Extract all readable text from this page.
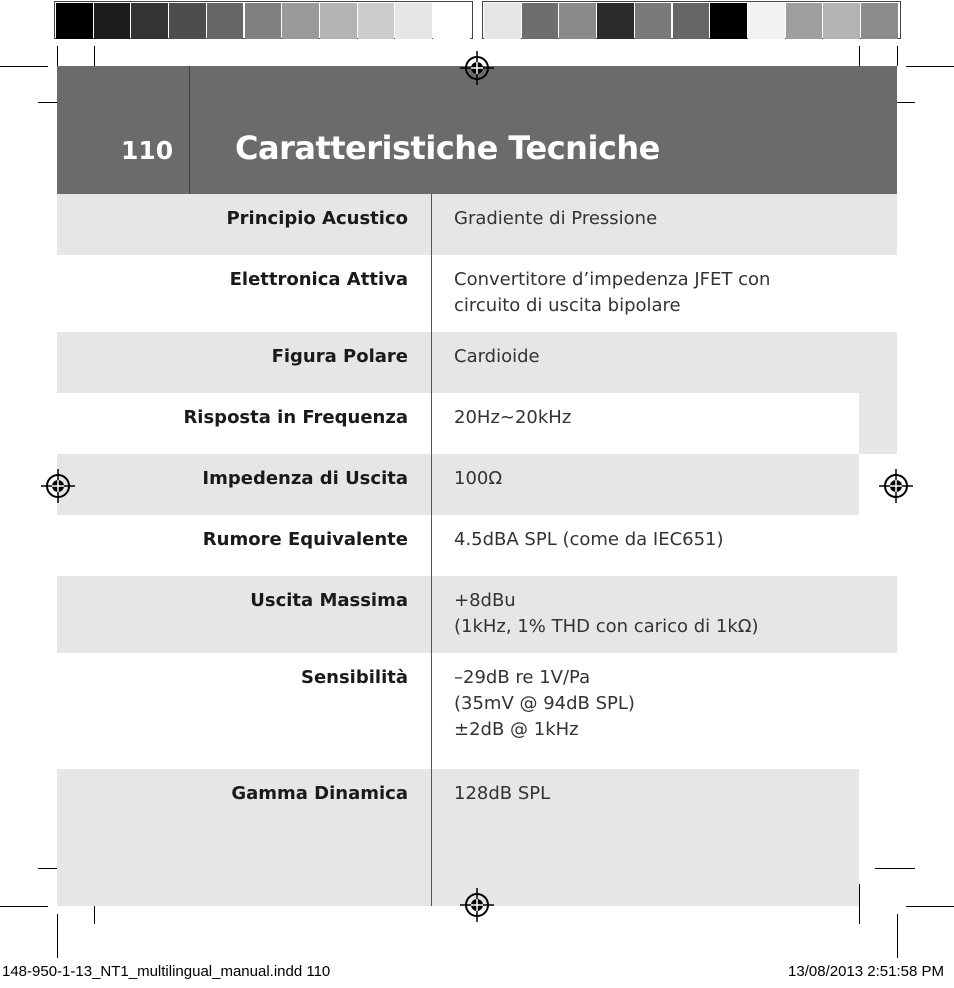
110 Caratteristiche Tecniche
Principio Acustico	Gradiente di Pressione
Elettronica Attiva	Convertitore d’impedenza JFET con
circuito di uscita bipolare
Figura Polare	Cardioide
Risposta in Frequenza	20Hz~20kHz
Impedenza di Uscita	100Ω
Rumore Equivalente	4.5dBA SPL (come da IEC651)
Uscita Massima	+8dBu
(1kHz, 1% THD con carico di 1kΩ)
Sensibilità	–29dB re 1V/Pa
(35mV @ 94dB SPL)
±2dB @ 1kHz
Gamma Dinamica	128dB SPL
148-950-1-13_NT1_multilingual_manual.indd 110	13/08/2013 2:51:58 PM
